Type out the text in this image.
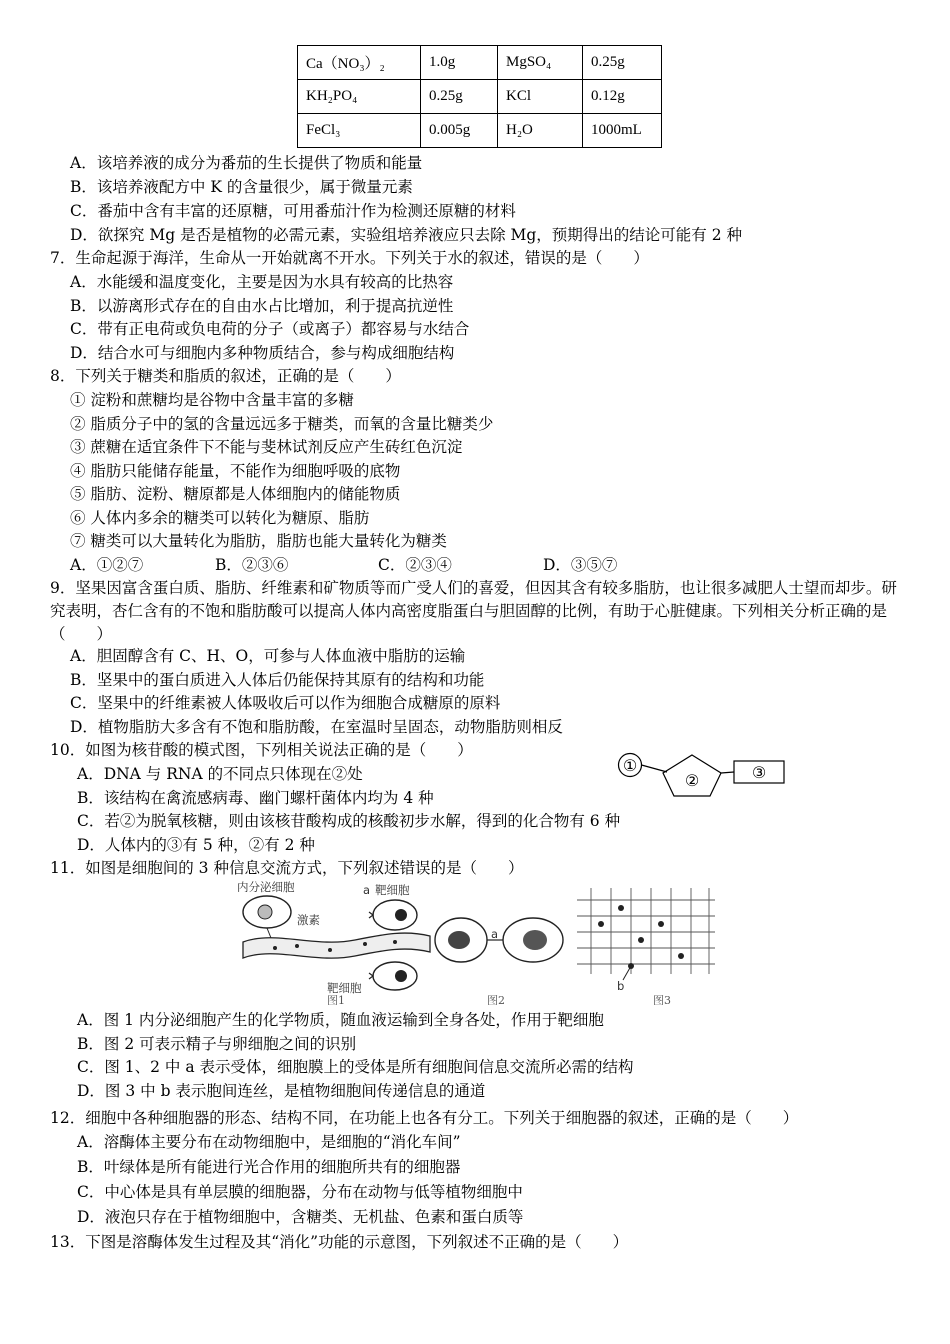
Ca（NO₃）₂	1.0g	MgSO₄	0.25g
KH₂PO₄	0.25g	KCl	0.12g
FeCl₃	0.005g	H₂O	1000mL
A．该培养液的成分为番茄的生长提供了物质和能量
B．该培养液配方中 K 的含量很少，属于微量元素
C．番茄中含有丰富的还原糖，可用番茄汁作为检测还原糖的材料
D．欲探究 Mg 是否是植物的必需元素，实验组培养液应只去除 Mg，预期得出的结论可能有 2 种
7．生命起源于海洋，生命从一开始就离不开水。下列关于水的叙述，错误的是（　　）
A．水能缓和温度变化，主要是因为水具有较高的比热容
B．以游离形式存在的自由水占比增加，利于提高抗逆性
C．带有正电荷或负电荷的分子（或离子）都容易与水结合
D．结合水可与细胞内多种物质结合，参与构成细胞结构
8．下列关于糖类和脂质的叙述，正确的是（　　）
① 淀粉和蔗糖均是谷物中含量丰富的多糖
② 脂质分子中的氢的含量远远多于糖类，而氧的含量比糖类少
③ 蔗糖在适宜条件下不能与斐林试剂反应产生砖红色沉淀
④ 脂肪只能储存能量，不能作为细胞呼吸的底物
⑤ 脂肪、淀粉、糖原都是人体细胞内的储能物质
⑥ 人体内多余的糖类可以转化为糖原、脂肪
⑦ 糖类可以大量转化为脂肪，脂肪也能大量转化为糖类
A．①②⑦	B．②③⑥	C．②③④	D．③⑤⑦
9．坚果因富含蛋白质、脂肪、纤维素和矿物质等而广受人们的喜爱，但因其含有较多脂肪，也让很多减肥人士望而却步。研究表明，杏仁含有的不饱和脂肪酸可以提高人体内高密度脂蛋白与胆固醇的比例，有助于心脏健康。下列相关分析正确的是（　　）
A．胆固醇含有 C、H、O，可参与人体血液中脂肪的运输
B．坚果中的蛋白质进入人体后仍能保持其原有的结构和功能
C．坚果中的纤维素被人体吸收后可以作为细胞合成糖原的原料
D．植物脂肪大多含有不饱和脂肪酸，在室温时呈固态，动物脂肪则相反
10．如图为核苷酸的模式图，下列相关说法正确的是（　　）
A．DNA 与 RNA 的不同点只体现在②处
B．该结构在禽流感病毒、幽门螺杆菌体内均为 4 种
C．若②为脱氧核糖，则由该核苷酸构成的核酸初步水解，得到的化合物有 6 种
D．人体内的③有 5 种，②有 2 种
①
②	③
11．如图是细胞间的 3 种信息交流方式，下列叙述错误的是（　　）
内分泌细胞
激素
a 靶细胞
靶细胞
图1
a
图2
b
图3
A．图 1 内分泌细胞产生的化学物质，随血液运输到全身各处，作用于靶细胞
B．图 2 可表示精子与卵细胞之间的识别
C．图 1、2 中 a 表示受体，细胞膜上的受体是所有细胞间信息交流所必需的结构
D．图 3 中 b 表示胞间连丝，是植物细胞间传递信息的通道
12．细胞中各种细胞器的形态、结构不同，在功能上也各有分工。下列关于细胞器的叙述，正确的是（　　）
A．溶酶体主要分布在动物细胞中，是细胞的“消化车间”
B．叶绿体是所有能进行光合作用的细胞所共有的细胞器
C．中心体是具有单层膜的细胞器，分布在动物与低等植物细胞中
D．液泡只存在于植物细胞中，含糖类、无机盐、色素和蛋白质等
13．下图是溶酶体发生过程及其“消化”功能的示意图，下列叙述不正确的是（　　）
